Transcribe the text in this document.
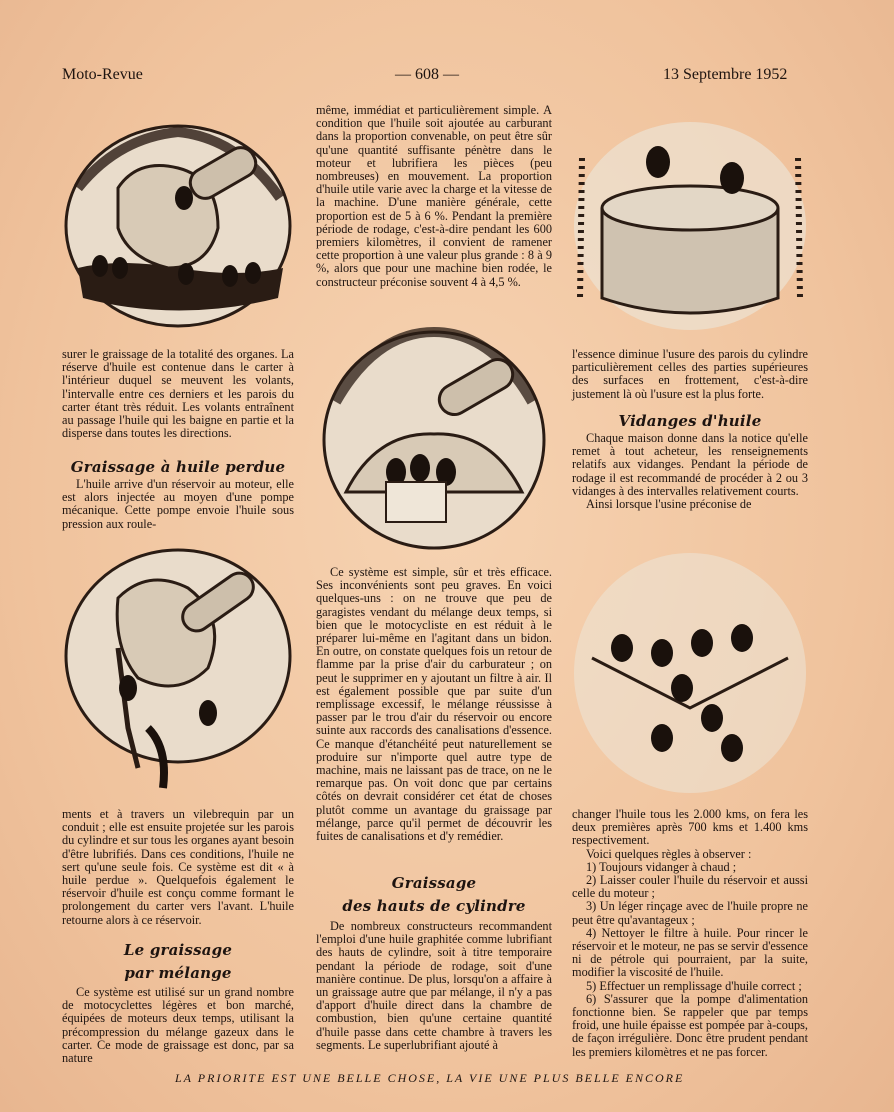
Moto-Revue	— 608 —	13 Septembre 1952

surer le graissage de la totalité des organes. La réserve d'huile est contenue dans le carter à l'intérieur duquel se meuvent les volants, l'intervalle entre ces derniers et les parois du carter étant très réduit. Les volants entraînent au passage l'huile qui les baigne en partie et la disperse dans toutes les directions.

Graissage à huile perdue

L'huile arrive d'un réservoir au moteur, elle est alors injectée au moyen d'une pompe mécanique. Cette pompe envoie l'huile sous pression aux roule-

ments et à travers un vilebrequin par un conduit ; elle est ensuite projetée sur les parois du cylindre et sur tous les organes ayant besoin d'être lubrifiés. Dans ces conditions, l'huile ne sert qu'une seule fois. Ce système est dit « à huile perdue ». Quelquefois également le réservoir d'huile est conçu comme formant le prolongement du carter vers l'avant. L'huile retourne alors à ce réservoir.

Le graissage
par mélange

Ce système est utilisé sur un grand nombre de motocyclettes légères et bon marché, équipées de moteurs deux temps, utilisant la précompression du mélange gazeux dans le carter. Ce mode de graissage est donc, par sa nature

même, immédiat et particulièrement simple. A condition que l'huile soit ajoutée au carburant dans la proportion convenable, on peut être sûr qu'une quantité suffisante pénètre dans le moteur et lubrifiera les pièces (peu nombreuses) en mouvement. La proportion d'huile utile varie avec la charge et la vitesse de la machine. D'une manière générale, cette proportion est de 5 à 6 %. Pendant la première période de rodage, c'est-à-dire pendant les 600 premiers kilomètres, il convient de ramener cette proportion à une valeur plus grande : 8 à 9 %, alors que pour une machine bien rodée, le constructeur préconise souvent 4 à 4,5 %.

Ce système est simple, sûr et très efficace. Ses inconvénients sont peu graves. En voici quelques-uns : on ne trouve que peu de garagistes vendant du mélange deux temps, si bien que le motocycliste en est réduit à le préparer lui-même en l'agitant dans un bidon. En outre, on constate quelques fois un retour de flamme par la prise d'air du carburateur ; on peut le supprimer en y ajoutant un filtre à air. Il est également possible que par suite d'un remplissage excessif, le mélange réussisse à passer par le trou d'air du réservoir ou encore suinte aux raccords des canalisations d'essence. Ce manque d'étanchéité peut naturellement se produire sur n'importe quel autre type de machine, mais ne laissant pas de trace, on ne le remarque pas. On voit donc que par certains côtés on devrait considérer cet état de choses plutôt comme un avantage du graissage par mélange, parce qu'il permet de découvrir les fuites de canalisations et d'y remédier.

Graissage
des hauts de cylindre

De nombreux constructeurs recommandent l'emploi d'une huile graphitée comme lubrifiant des hauts de cylindre, soit à titre temporaire pendant la période de rodage, soit d'une manière continue. De plus, lorsqu'on a affaire à un graissage autre que par mélange, il n'y a pas d'apport d'huile direct dans la chambre de combustion, bien qu'une certaine quantité d'huile passe dans cette chambre à travers les segments. Le superlubrifiant ajouté à

l'essence diminue l'usure des parois du cylindre particulièrement celles des parties supérieures des surfaces en frottement, c'est-à-dire justement là où l'usure est la plus forte.

Vidanges d'huile

Chaque maison donne dans la notice qu'elle remet à tout acheteur, les renseignements relatifs aux vidanges. Pendant la période de rodage il est recommandé de procéder à 2 ou 3 vidanges à des intervalles relativement courts.

Ainsi lorsque l'usine préconise de

changer l'huile tous les 2.000 kms, on fera les deux premières après 700 kms et 1.400 kms respectivement.

Voici quelques règles à observer :

1) Toujours vidanger à chaud ;

2) Laisser couler l'huile du réservoir et aussi celle du moteur ;

3) Un léger rinçage avec de l'huile propre ne peut être qu'avantageux ;

4) Nettoyer le filtre à huile. Pour rincer le réservoir et le moteur, ne pas se servir d'essence ni de pétrole qui pourraient, par la suite, modifier la viscosité de l'huile.

5) Effectuer un remplissage d'huile correct ;

6) S'assurer que la pompe d'alimentation fonctionne bien. Se rappeler que par temps froid, une huile épaisse est pompée par à-coups, de façon irrégulière. Donc être prudent pendant les premiers kilomètres et ne pas forcer.

LA PRIORITE EST UNE BELLE CHOSE, LA VIE UNE PLUS BELLE ENCORE
